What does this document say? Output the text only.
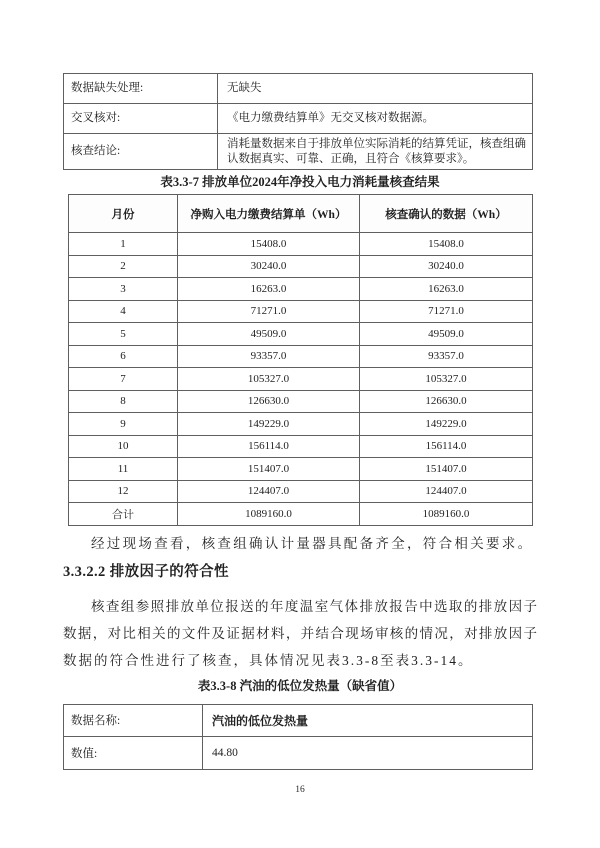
数据缺失处理:	无缺失
交叉核对:	《电力缴费结算单》无交叉核对数据源。
核查结论:	消耗量数据来自于排放单位实际消耗的结算凭证，核查组确认数据真实、可靠、正确，且符合《核算要求》。
表3.3-7 排放单位2024年净投入电力消耗量核查结果
月份	净购入电力缴费结算单（Wh）	核查确认的数据（Wh）
1	15408.0	15408.0
2	30240.0	30240.0
3	16263.0	16263.0
4	71271.0	71271.0
5	49509.0	49509.0
6	93357.0	93357.0
7	105327.0	105327.0
8	126630.0	126630.0
9	149229.0	149229.0
10	156114.0	156114.0
11	151407.0	151407.0
12	124407.0	124407.0
合计	1089160.0	1089160.0
经过现场查看，核查组确认计量器具配备齐全，符合相关要求。
3.3.2.2 排放因子的符合性
核查组参照排放单位报送的年度温室气体排放报告中选取的排放因子
数据，对比相关的文件及证据材料，并结合现场审核的情况，对排放因子
数据的符合性进行了核查，具体情况见表3.3-8至表3.3-14。
表3.3-8 汽油的低位发热量（缺省值）
数据名称:	汽油的低位发热量
数值:	44.80
16
